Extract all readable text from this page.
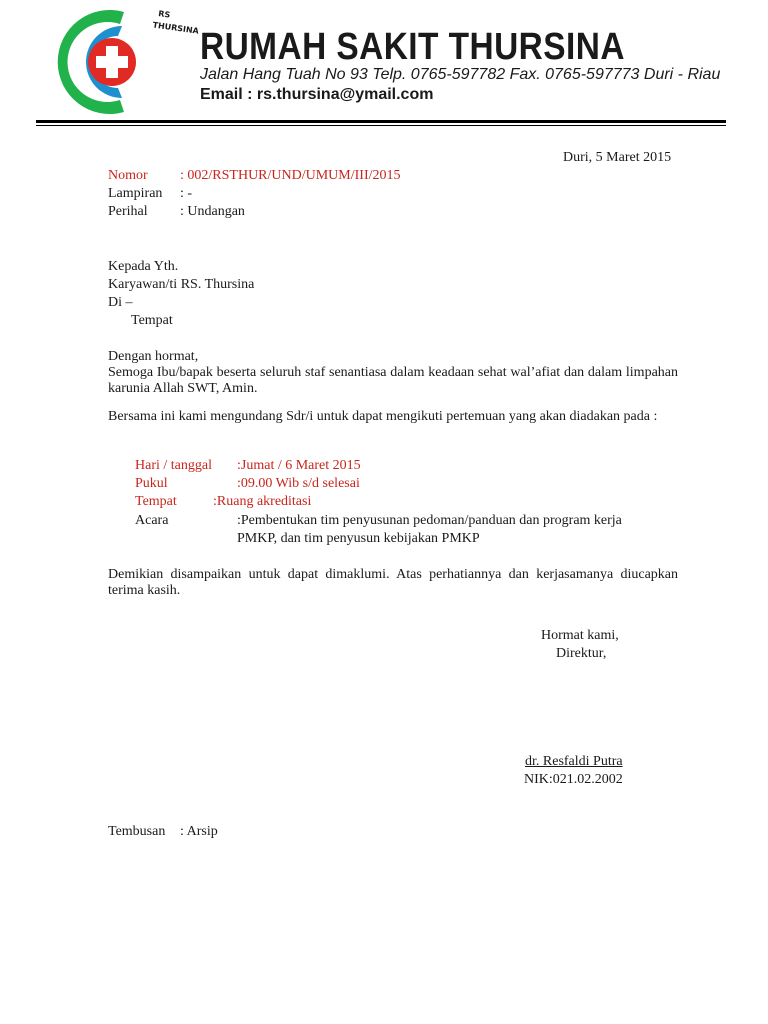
RS
THURSINA RUMAH SAKIT THURSINA
Jalan Hang Tuah No 93 Telp. 0765-597782 Fax. 0765-597773 Duri - Riau
Email : rs.thursina@ymail.com
Duri, 5 Maret 2015
Nomor : 002/RSTHUR/UND/UMUM/III/2015
Lampiran : -
Perihal : Undangan
Kepada Yth.
Karyawan/ti RS. Thursina
Di –
Tempat
Dengan hormat,
Semoga Ibu/bapak beserta seluruh staf senantiasa dalam keadaan sehat wal’afiat dan dalam limpahan karunia Allah SWT, Amin.
Bersama ini kami mengundang Sdr/i untuk dapat mengikuti pertemuan yang akan diadakan pada :
Hari / tanggal :Jumat / 6 Maret 2015
Pukul	:09.00 Wib s/d selesai
Tempat	:Ruang akreditasi
Acara	:Pembentukan tim penyusunan pedoman/panduan dan program kerja
PMKP, dan tim penyusun kebijakan PMKP
Demikian disampaikan untuk dapat dimaklumi. Atas perhatiannya dan kerjasamanya diucapkan terima kasih.
Hormat kami,
Direktur,
dr. Resfaldi Putra
NIK:021.02.2002
Tembusan : Arsip
